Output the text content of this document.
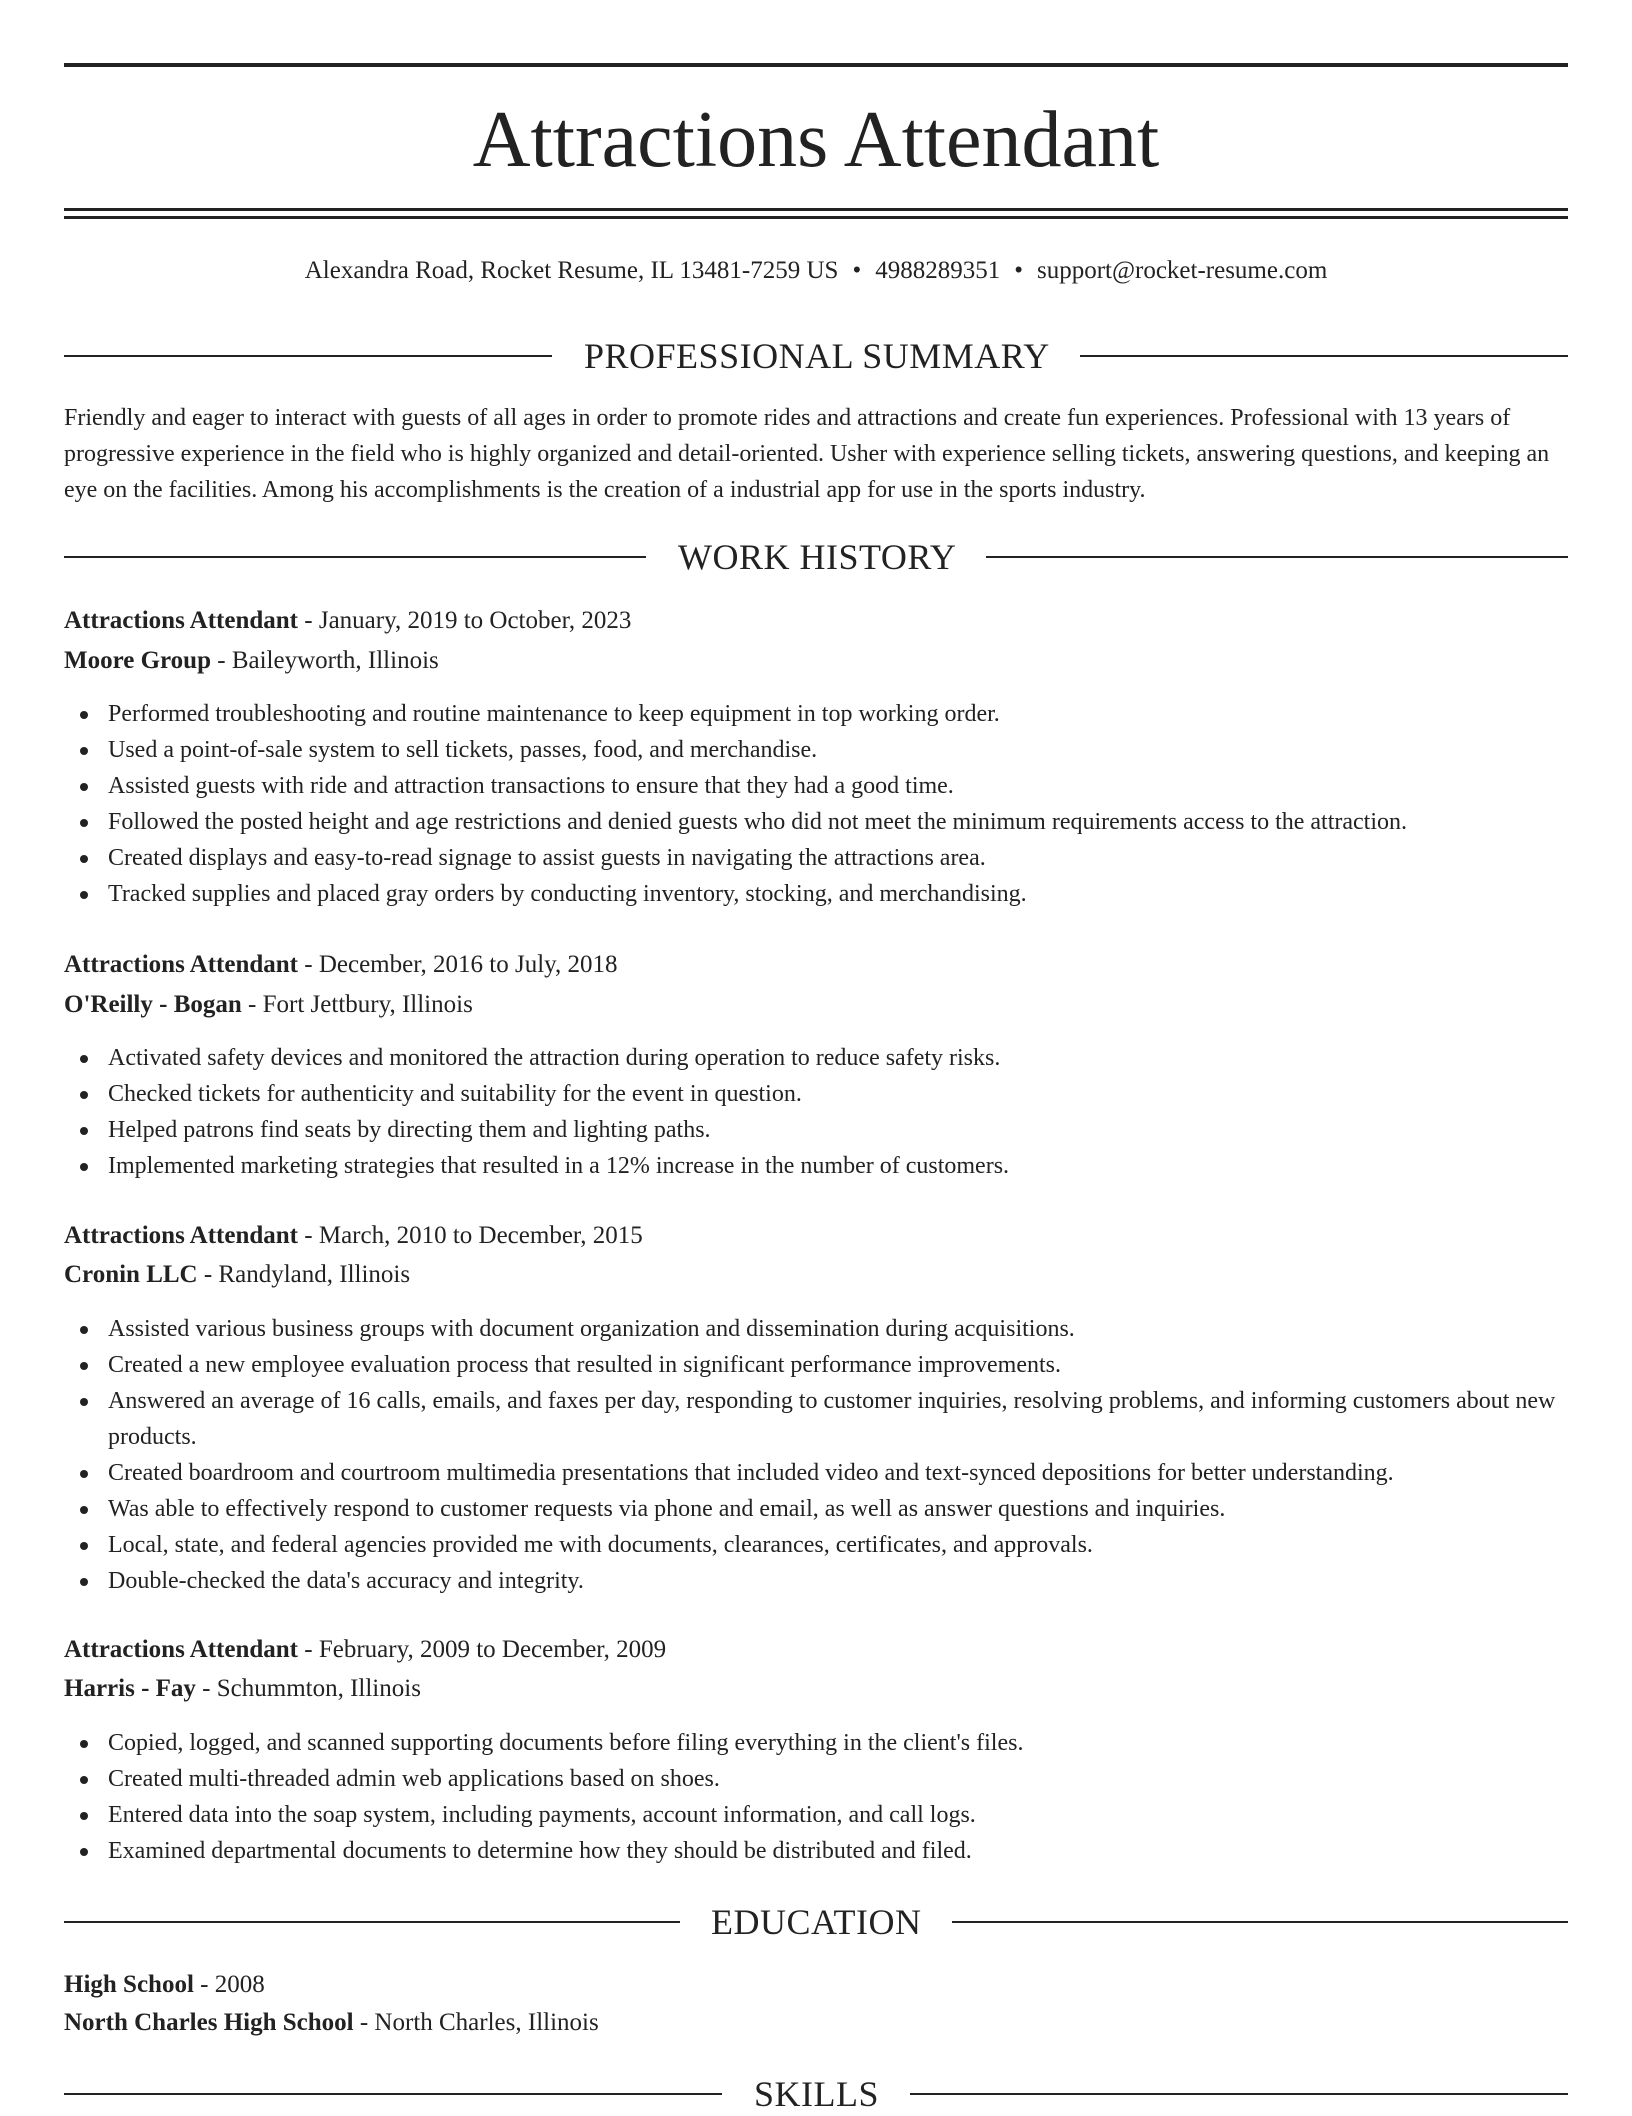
Attractions Attendant
Alexandra Road, Rocket Resume, IL 13481-7259 US • 4988289351 • support@rocket-resume.com
PROFESSIONAL SUMMARY

Friendly and eager to interact with guests of all ages in order to promote rides and attractions and create fun experiences. Professional with 13 years of progressive experience in the field who is highly organized and detail-oriented. Usher with experience selling tickets, answering questions, and keeping an eye on the facilities. Among his accomplishments is the creation of a industrial app for use in the sports industry.

WORK HISTORY
Attractions Attendant - January, 2019 to October, 2023
Moore Group - Baileyworth, Illinois
Performed troubleshooting and routine maintenance to keep equipment in top working order.
Used a point-of-sale system to sell tickets, passes, food, and merchandise.
Assisted guests with ride and attraction transactions to ensure that they had a good time.
Followed the posted height and age restrictions and denied guests who did not meet the minimum requirements access to the attraction.
Created displays and easy-to-read signage to assist guests in navigating the attractions area.
Tracked supplies and placed gray orders by conducting inventory, stocking, and merchandising.
Attractions Attendant - December, 2016 to July, 2018
O'Reilly - Bogan - Fort Jettbury, Illinois
Activated safety devices and monitored the attraction during operation to reduce safety risks.
Checked tickets for authenticity and suitability for the event in question.
Helped patrons find seats by directing them and lighting paths.
Implemented marketing strategies that resulted in a 12% increase in the number of customers.
Attractions Attendant - March, 2010 to December, 2015
Cronin LLC - Randyland, Illinois
Assisted various business groups with document organization and dissemination during acquisitions.
Created a new employee evaluation process that resulted in significant performance improvements.
Answered an average of 16 calls, emails, and faxes per day, responding to customer inquiries, resolving problems, and informing customers about new products.
Created boardroom and courtroom multimedia presentations that included video and text-synced depositions for better understanding.
Was able to effectively respond to customer requests via phone and email, as well as answer questions and inquiries.
Local, state, and federal agencies provided me with documents, clearances, certificates, and approvals.
Double-checked the data's accuracy and integrity.
Attractions Attendant - February, 2009 to December, 2009
Harris - Fay - Schummton, Illinois
Copied, logged, and scanned supporting documents before filing everything in the client's files.
Created multi-threaded admin web applications based on shoes.
Entered data into the soap system, including payments, account information, and call logs.
Examined departmental documents to determine how they should be distributed and filed.
EDUCATION
High School - 2008
North Charles High School - North Charles, Illinois
SKILLS
